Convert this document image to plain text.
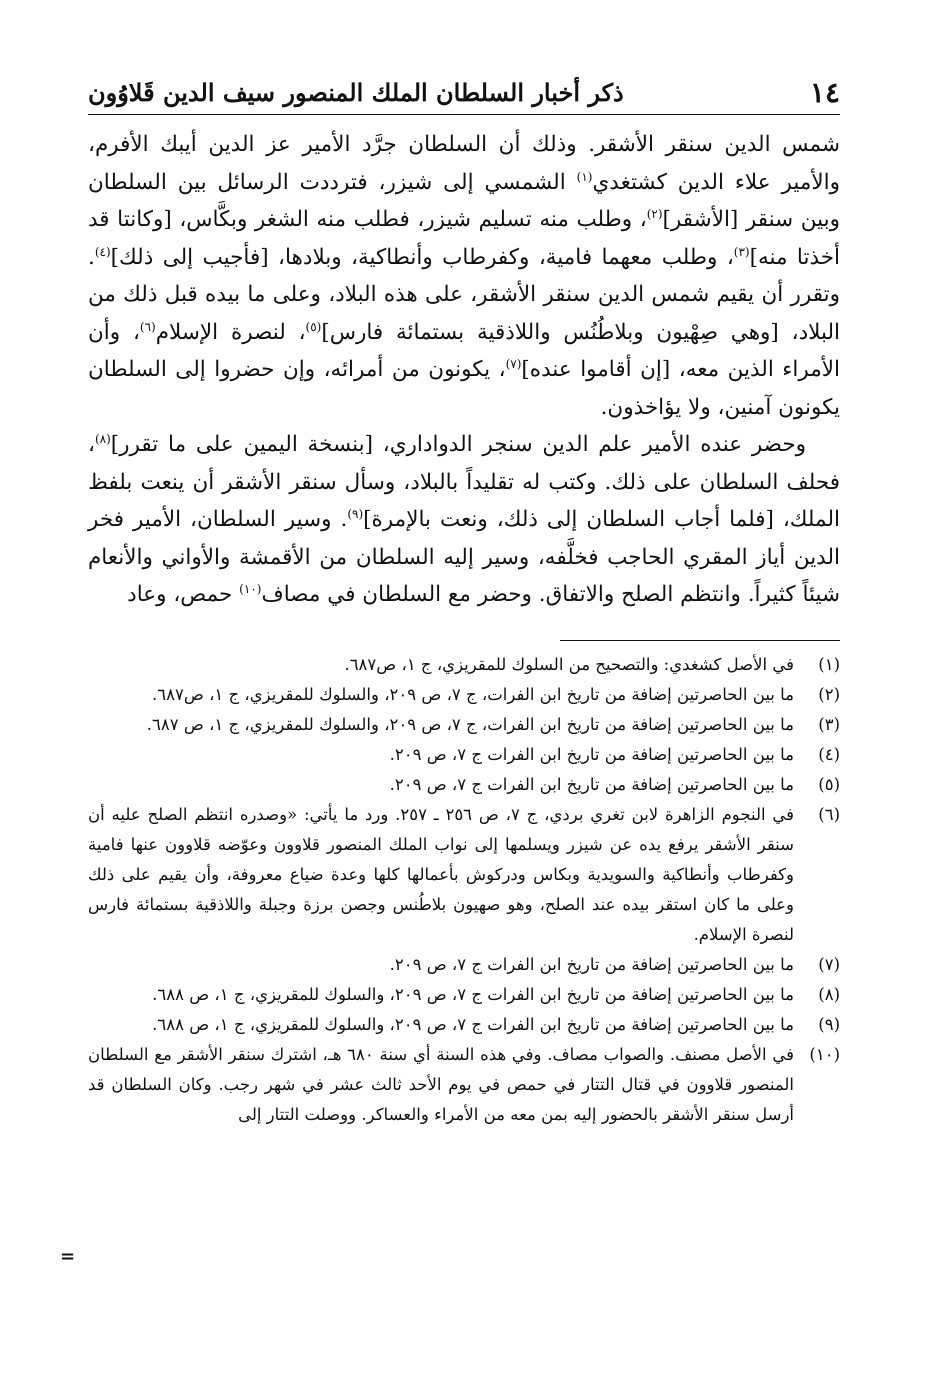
١٤
ذكر أخبار السلطان الملك المنصور سيف الدين قَلاوُون

شمس الدين سنقر الأشقر. وذلك أن السلطان جرَّد الأمير عز الدين أيبك الأفرم، والأمير علاء الدين كشتغدي$^{(١)}$ الشمسي إلى شيزر، فترددت الرسائل بين السلطان وبين سنقر [الأشقر]$^{(٢)}$، وطلب منه تسليم شيزر، فطلب منه الشغر وبكَّاس، [وكانتا قد أخذتا منه]$^{(٣)}$، وطلب معهما فامية، وكفرطاب وأنطاكية، وبلادها، [فأجيب إلى ذلك]$^{(٤)}$. وتقرر أن يقيم شمس الدين سنقر الأشقر، على هذه البلاد، وعلى ما بيده قبل ذلك من البلاد، [وهي صِهْيون وبلاطُنُس واللاذقية بستمائة فارس]$^{(٥)}$، لنصرة الإسلام$^{(٦)}$، وأن الأمراء الذين معه، [إن أقاموا عنده]$^{(٧)}$، يكونون من أمرائه، وإن حضروا إلى السلطان يكونون آمنين، ولا يؤاخذون.

وحضر عنده الأمير علم الدين سنجر الدواداري، [بنسخة اليمين على ما تقرر]$^{(٨)}$، فحلف السلطان على ذلك. وكتب له تقليداً بالبلاد، وسأل سنقر الأشقر أن ينعت بلفظ الملك، [فلما أجاب السلطان إلى ذلك، ونعت بالإمرة]$^{(٩)}$. وسير السلطان، الأمير فخر الدين أياز المقري الحاجب فخلَّفه، وسير إليه السلطان من الأقمشة والأواني والأنعام شيئاً كثيراً. وانتظم الصلح والاتفاق. وحضر مع السلطان في مصاف$^{(١٠)}$ حمص، وعاد

(١)
في الأصل كشغدي: والتصحيح من السلوك للمقريزي، ج ١، ص٦٨٧.
(٢)
ما بين الحاصرتين إضافة من تاريخ ابن الفرات، ج ٧، ص ٢٠٩، والسلوك للمقريزي، ج ١، ص٦٨٧.
(٣)
ما بين الحاصرتين إضافة من تاريخ ابن الفرات، ج ٧، ص ٢٠٩، والسلوك للمقريزي، ج ١، ص ٦٨٧.
(٤)
ما بين الحاصرتين إضافة من تاريخ ابن الفرات ج ٧، ص ٢٠٩.
(٥)
ما بين الحاصرتين إضافة من تاريخ ابن الفرات ج ٧، ص ٢٠٩.
(٦)
في النجوم الزاهرة لابن تغري بردي، ج ٧، ص ٢٥٦ ـ ٢٥٧. ورد ما يأتي: «وصدره انتظم الصلح عليه أن سنقر الأشقر يرفع يده عن شيزر ويسلمها إلى نواب الملك المنصور قلاوون وعوّضه قلاوون عنها فامية وكفرطاب وأنطاكية والسويدية وبكاس ودركوش بأعمالها كلها وعدة ضياع معروفة، وأن يقيم على ذلك وعلى ما كان استقر بيده عند الصلح، وهو صهيون بلاطُنس وجصن برزة وجبلة واللاذقية بستمائة فارس لنصرة الإسلام.
(٧)
ما بين الحاصرتين إضافة من تاريخ ابن الفرات ج ٧، ص ٢٠٩.
(٨)
ما بين الحاصرتين إضافة من تاريخ ابن الفرات ج ٧، ص ٢٠٩، والسلوك للمقريزي، ج ١، ص ٦٨٨.
(٩)
ما بين الحاصرتين إضافة من تاريخ ابن الفرات ج ٧، ص ٢٠٩، والسلوك للمقريزي، ج ١، ص ٦٨٨.
(١٠)
في الأصل مصنف. والصواب مصاف. وفي هذه السنة أي سنة ٦٨٠ هـ، اشترك سنقر الأشقر مع السلطان المنصور قلاوون في قتال التتار في حمص في يوم الأحد ثالث عشر في شهر رجب. وكان السلطان قد أرسل سنقر الأشقر بالحضور إليه بمن معه من الأمراء والعساكر. ووصلت التتار إلى
=
